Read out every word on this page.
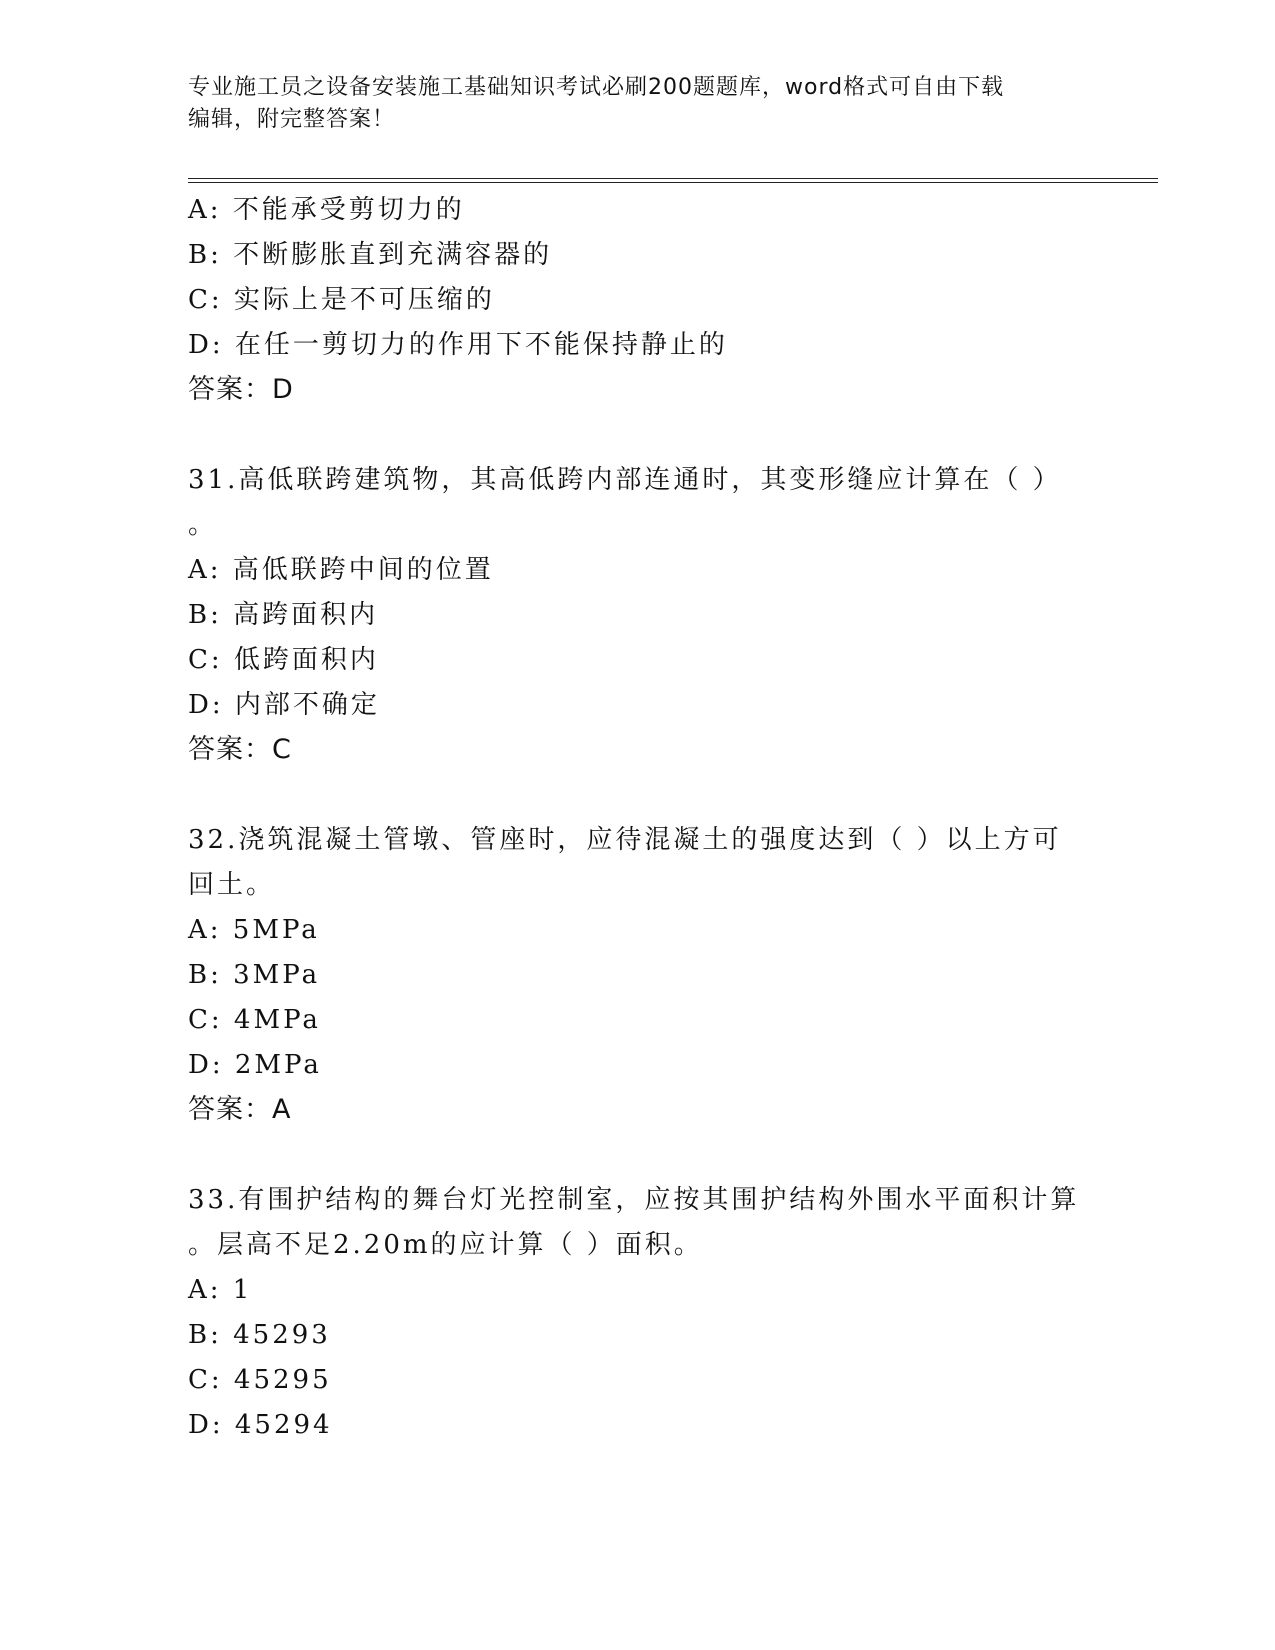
专业施工员之设备安装施工基础知识考试必刷200题题库，word格式可自由下载
编辑，附完整答案！
A: 不能承受剪切力的
B: 不断膨胀直到充满容器的
C: 实际上是不可压缩的
D: 在任一剪切力的作用下不能保持静止的
答案：D
31.高低联跨建筑物，其高低跨内部连通时，其变形缝应计算在（ ）
。
A: 高低联跨中间的位置
B: 高跨面积内
C: 低跨面积内
D: 内部不确定
答案：C
32.浇筑混凝土管墩、管座时，应待混凝土的强度达到（ ）以上方可
回土。
A: 5MPa
B: 3MPa
C: 4MPa
D: 2MPa
答案：A
33.有围护结构的舞台灯光控制室，应按其围护结构外围水平面积计算
。层高不足2.20m的应计算（ ）面积。
A: 1
B: 45293
C: 45295
D: 45294
